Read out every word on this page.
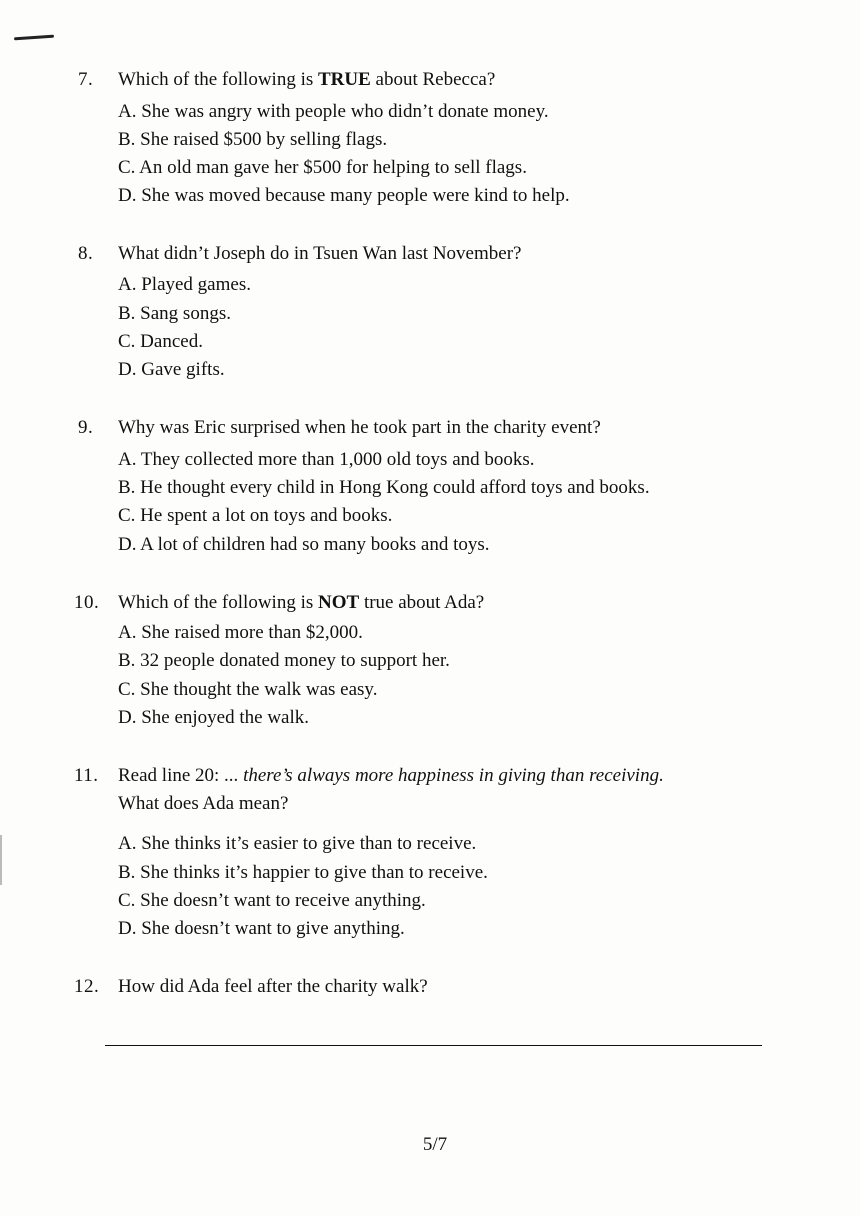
7. Which of the following is TRUE about Rebecca?
A. She was angry with people who didn’t donate money.
B. She raised $500 by selling flags.
C. An old man gave her $500 for helping to sell flags.
D. She was moved because many people were kind to help.
8. What didn’t Joseph do in Tsuen Wan last November?
A. Played games.
B. Sang songs.
C. Danced.
D. Gave gifts.
9. Why was Eric surprised when he took part in the charity event?
A. They collected more than 1,000 old toys and books.
B. He thought every child in Hong Kong could afford toys and books.
C. He spent a lot on toys and books.
D. A lot of children had so many books and toys.
10. Which of the following is NOT true about Ada?
A. She raised more than $2,000.
B. 32 people donated money to support her.
C. She thought the walk was easy.
D. She enjoyed the walk.
11. Read line 20: ... there’s always more happiness in giving than receiving.
What does Ada mean?
A. She thinks it’s easier to give than to receive.
B. She thinks it’s happier to give than to receive.
C. She doesn’t want to receive anything.
D. She doesn’t want to give anything.
12. How did Ada feel after the charity walk?
5/7
